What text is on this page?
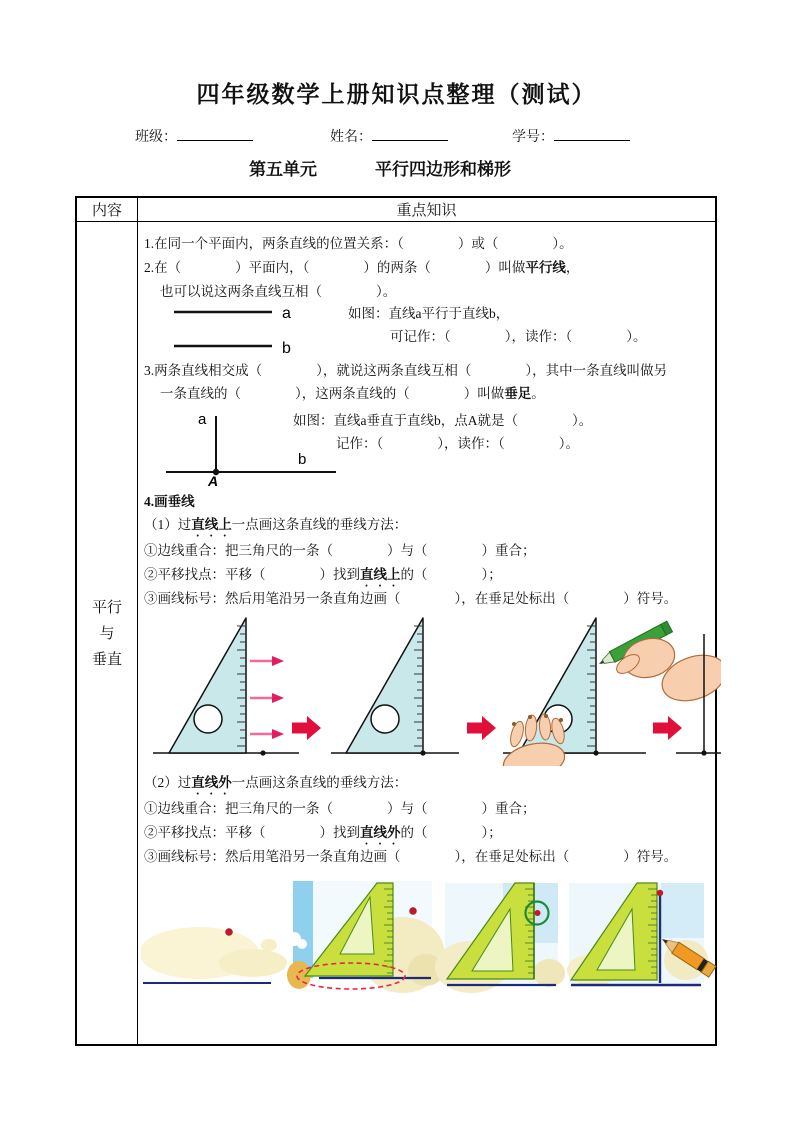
四年级数学上册知识点整理（测试）
班级：	姓名：	学号：
第五单元	平行四边形和梯形
内容	重点知识
平行
与
垂直
1.在同一个平面内，两条直线的位置关系：（　　　　）或（　　　　）。
2.在（　　　　）平面内，（　　　　）的两条（　　　　）叫做平行线，
也可以说这两条直线互相（　　　　）。
a
b
如图：直线a平行于直线b，
可记作：（　　　　），读作：（　　　　）。
3.两条直线相交成（　　　　），就说这两条直线互相（　　　　），其中一条直线叫做另
一条直线的（　　　　），这两条直线的（　　　　）叫做垂足。
a
b
A
如图：直线a垂直于直线b，点A就是（　　　　）。
记作：（　　　　），读作：（　　　　）。
4.画垂线
（1）过直线上一点画这条直线的垂线方法：
①边线重合：把三角尺的一条（　　　　）与（　　　　）重合；
②平移找点：平移（　　　　）找到直线上的（　　　　）；
③画线标号：然后用笔沿另一条直角边画（　　　　），在垂足处标出（　　　　）符号。
（2）过直线外一点画这条直线的垂线方法：
①边线重合：把三角尺的一条（　　　　）与（　　　　）重合；
②平移找点：平移（　　　　）找到直线外的（　　　　）；
③画线标号：然后用笔沿另一条直角边画（　　　　），在垂足处标出（　　　　）符号。
